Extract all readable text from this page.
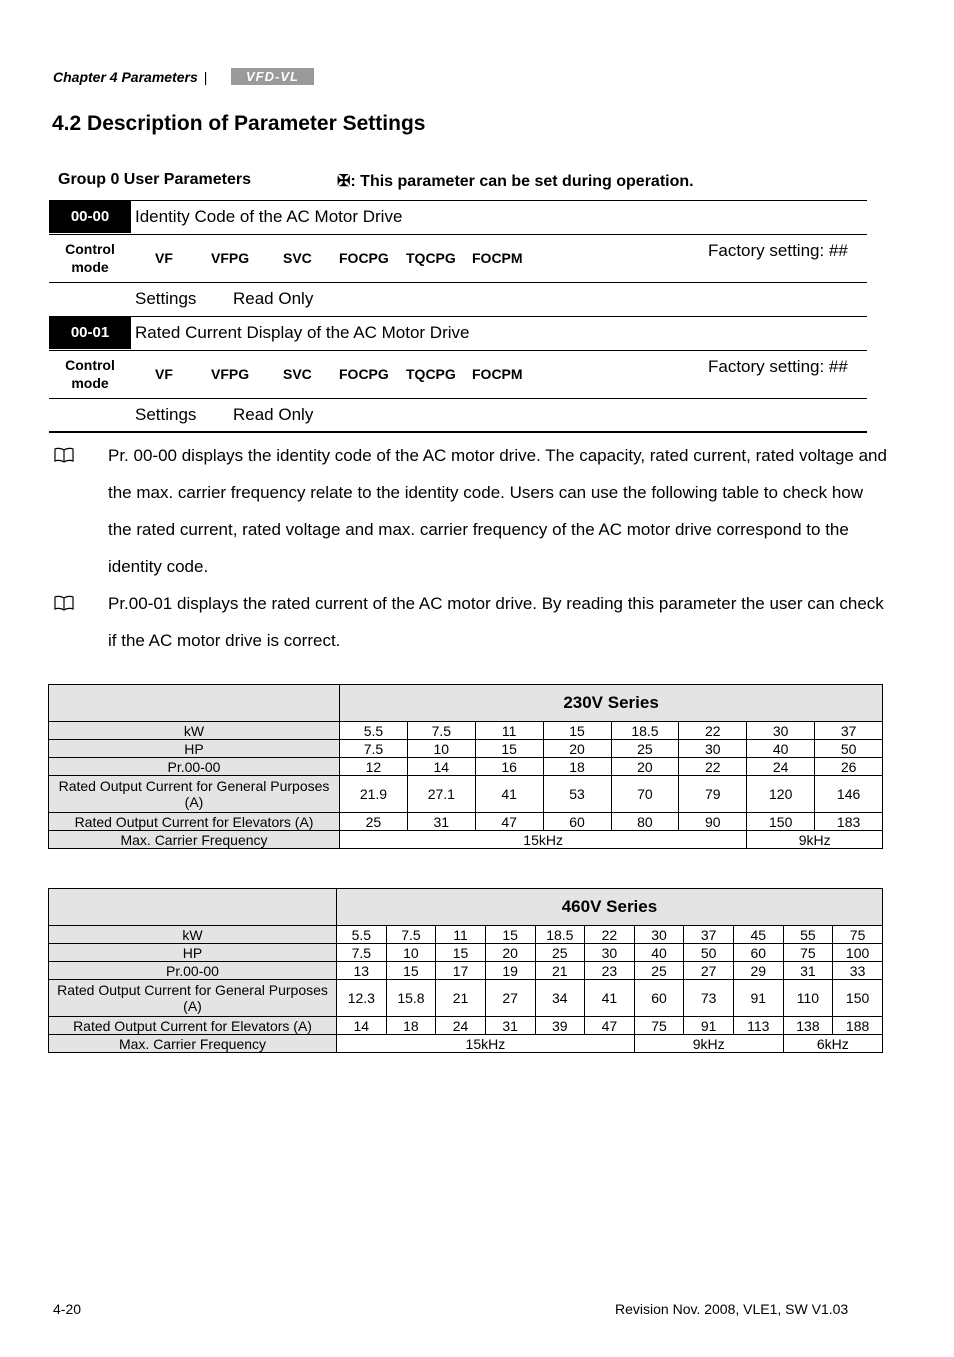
Chapter 4 Parameters |	VFD-VL
4.2 Description of Parameter Settings
Group 0 User Parameters	✠: This parameter can be set during operation.
00-00	Identity Code of the AC Motor Drive
Control mode
VF	VFPG SVC FOCPG TQCPG FOCPM	Factory setting: ##
Settings Read Only
00-01	Rated Current Display of the AC Motor Drive
Control mode
VF	VFPG SVC FOCPG TQCPG FOCPM	Factory setting: ##
Settings Read Only
Pr. 00-00 displays the identity code of the AC motor drive. The capacity, rated current, rated voltage and the max. carrier frequency relate to the identity code. Users can use the following table to check how the rated current, rated voltage and max. carrier frequency of the AC motor drive correspond to the identity code.
Pr.00-01 displays the rated current of the AC motor drive. By reading this parameter the user can check if the AC motor drive is correct.
	230V Series							
kW	5.5	7.5	11	15	18.5	22	30	37
HP	7.5	10	15	20	25	30	40	50
Pr.00-00	12	14	16	18	20	22	24	26
Rated Output Current for General Purposes (A)	21.9	27.1	41	53	70	79	120	146
Rated Output Current for Elevators (A)	25	31	47	60	80	90	150	183
Max. Carrier Frequency	15kHz						9kHz	
	460V Series										
kW	5.5	7.5	11	15	18.5	22	30	37	45	55	75
HP	7.5	10	15	20	25	30	40	50	60	75	100
Pr.00-00	13	15	17	19	21	23	25	27	29	31	33
Rated Output Current for General Purposes (A)	12.3	15.8	21	27	34	41	60	73	91	110	150
Rated Output Current for Elevators (A)	14	18	24	31	39	47	75	91	113	138	188
Max. Carrier Frequency	15kHz						9kHz			6kHz	
4-20	Revision Nov. 2008, VLE1, SW V1.03
